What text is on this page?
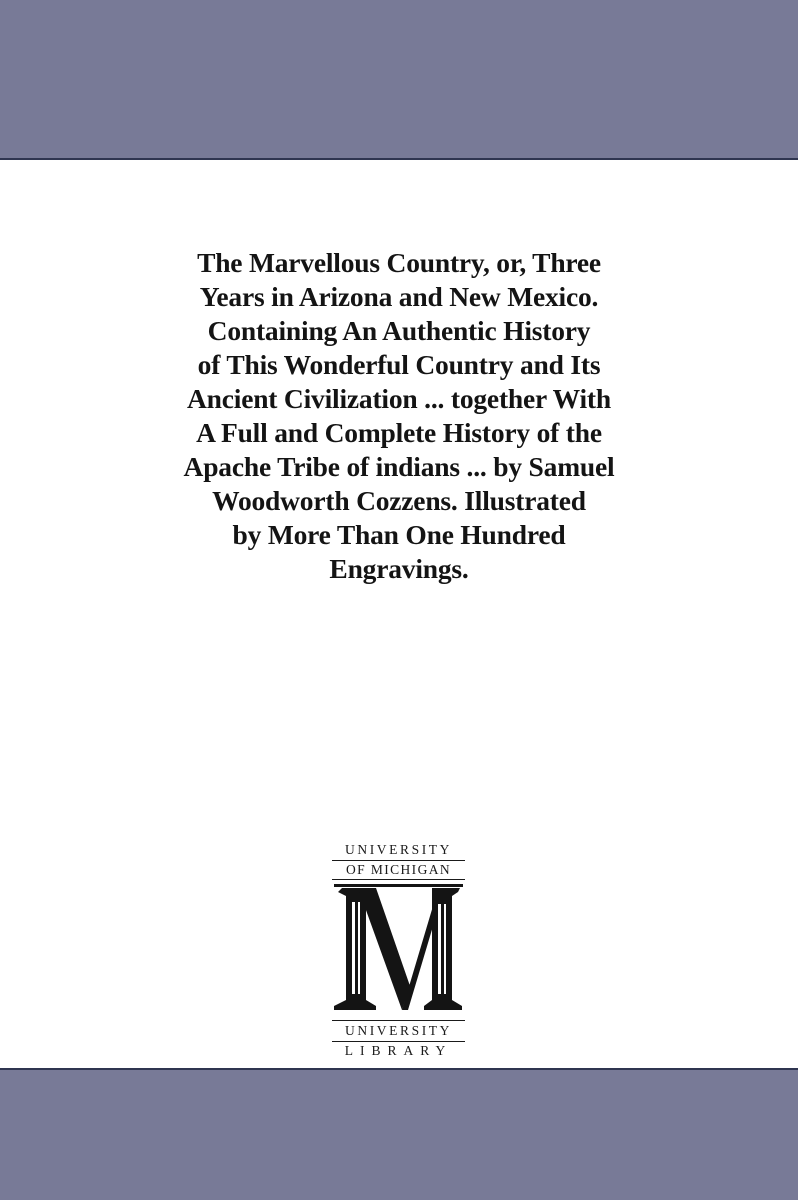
The Marvellous Country, or, Three
Years in Arizona and New Mexico.
Containing An Authentic History
of This Wonderful Country and Its
Ancient Civilization ... together With
A Full and Complete History of the
Apache Tribe of indians ... by Samuel
Woodworth Cozzens. Illustrated
by More Than One Hundred
Engravings.
UNIVERSITY
OF MICHIGAN
UNIVERSITY
LIBRARY
